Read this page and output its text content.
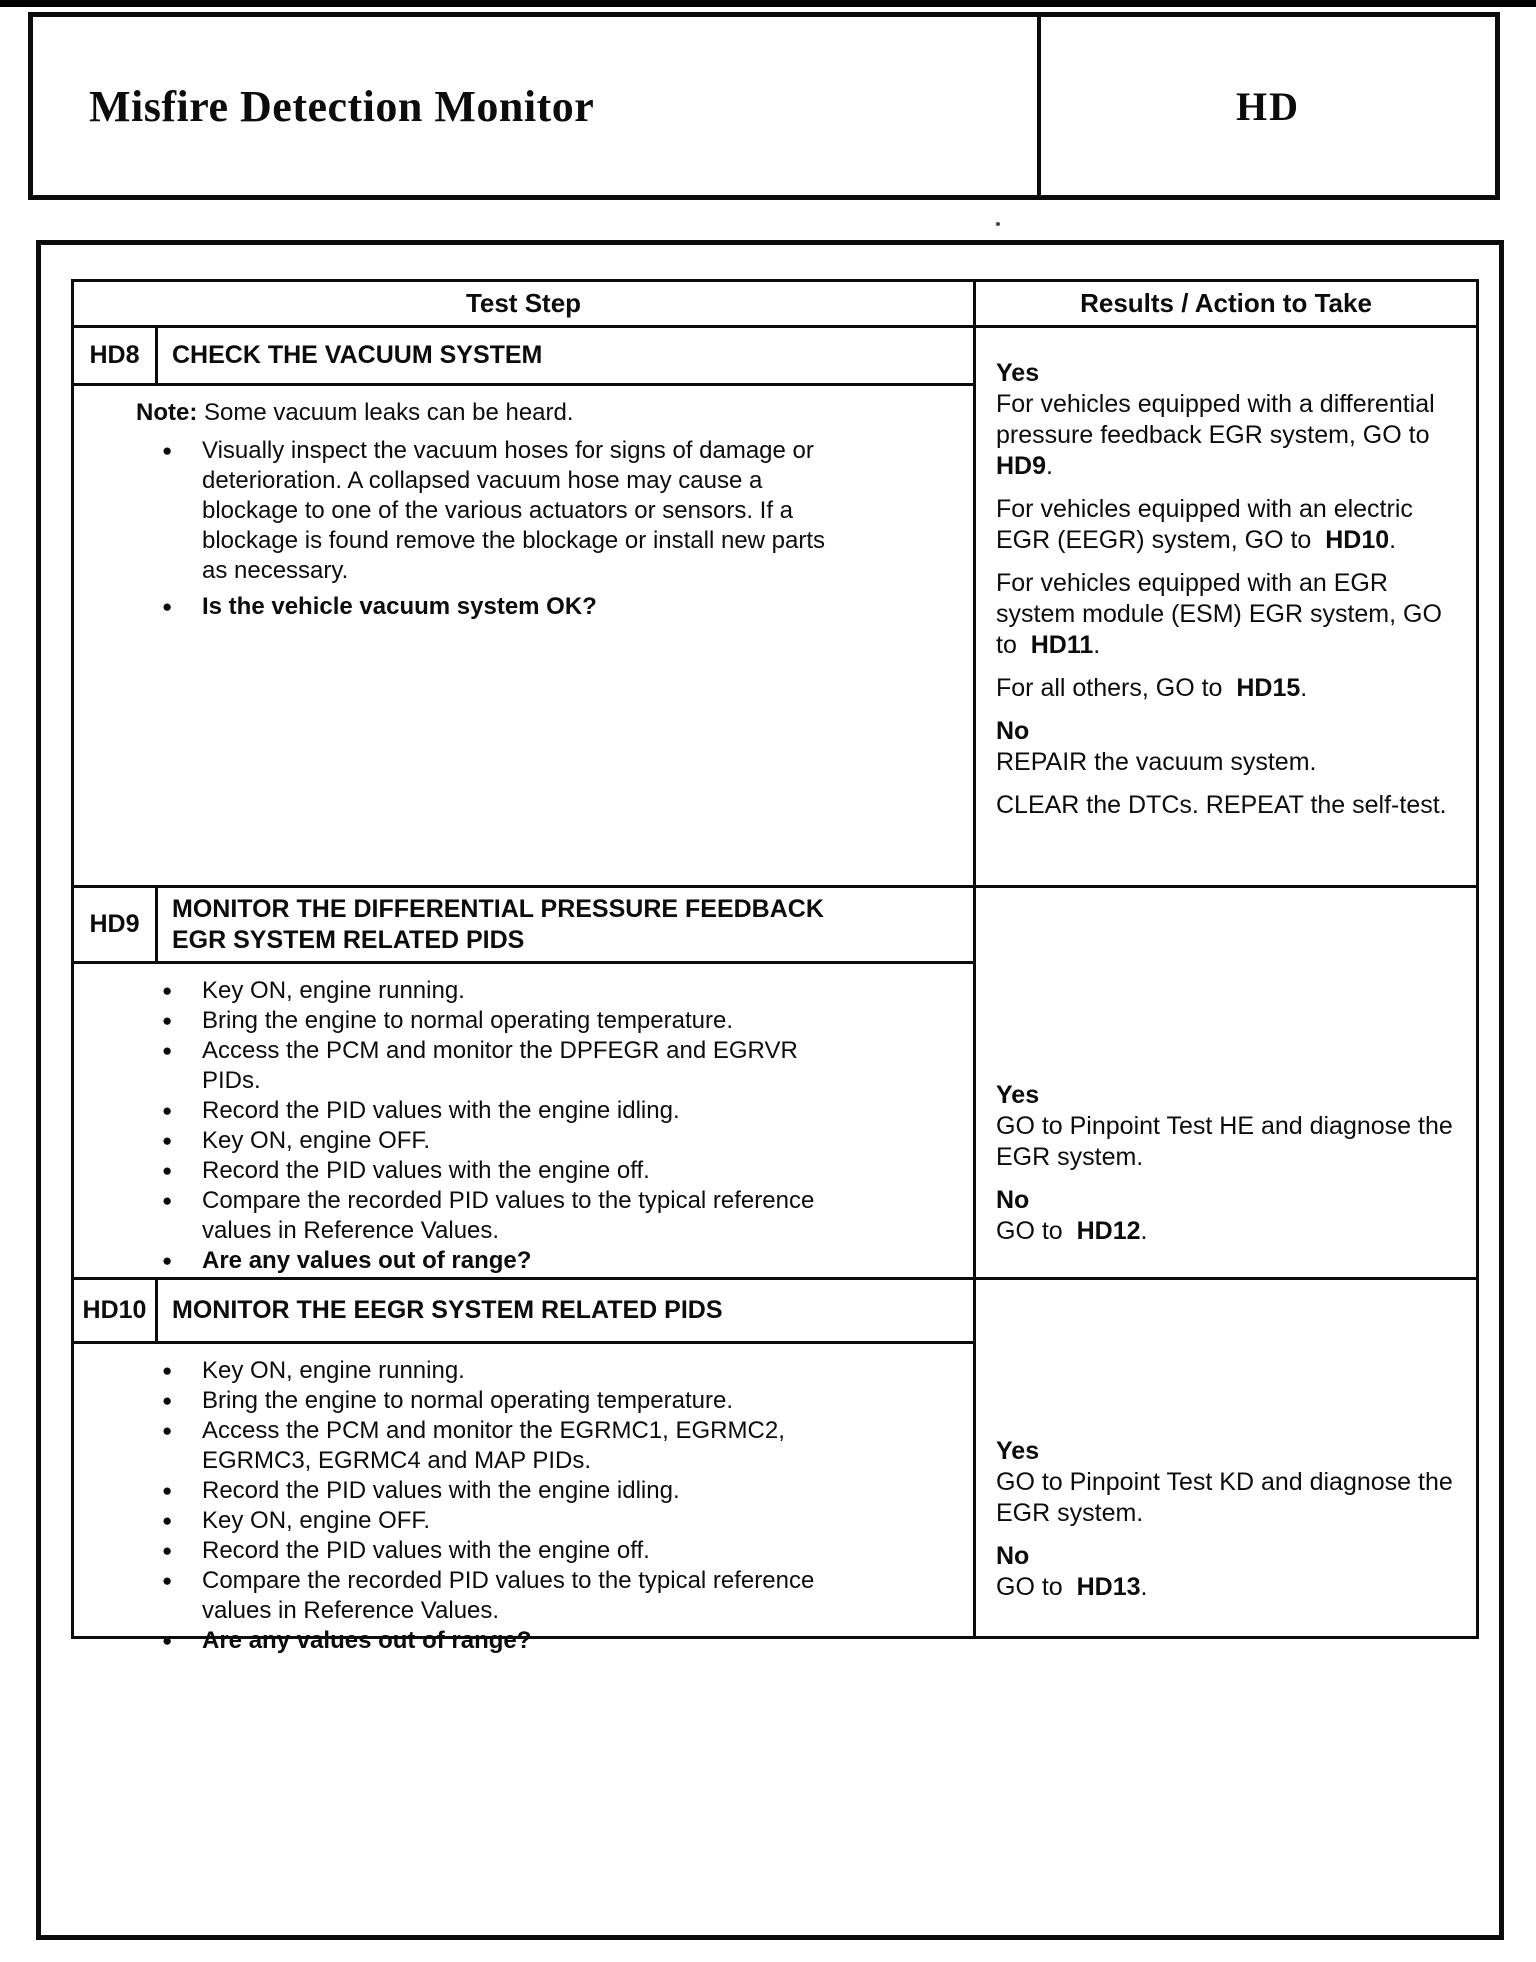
Misfire Detection Monitor	HD
Test Step	Results / Action to Take
HD8	CHECK THE VACUUM SYSTEM
Note: Some vacuum leaks can be heard.
●	Visually inspect the vacuum hoses for signs of damage or deterioration. A collapsed vacuum hose may cause a blockage to one of the various actuators or sensors. If a blockage is found remove the blockage or install new parts as necessary.
●	Is the vehicle vacuum system OK?
Yes
For vehicles equipped with a differential pressure feedback EGR system, GO to  HD9.
For vehicles equipped with an electric EGR (EEGR) system, GO to  HD10.
For vehicles equipped with an EGR system module (ESM) EGR system, GO to  HD11.
For all others, GO to  HD15.
No
REPAIR the vacuum system.
CLEAR the DTCs. REPEAT the self-test.
HD9
MONITOR THE DIFFERENTIAL PRESSURE FEEDBACK EGR SYSTEM RELATED PIDS
●	Key ON, engine running.
●	Bring the engine to normal operating temperature.
●	Access the PCM and monitor the DPFEGR and EGRVR PIDs.
●	Record the PID values with the engine idling.
●	Key ON, engine OFF.
●	Record the PID values with the engine off.
●	Compare the recorded PID values to the typical reference values in Reference Values.
●	Are any values out of range?
Yes
GO to Pinpoint Test HE and diagnose the EGR system.
No
GO to  HD12.
HD10	MONITOR THE EEGR SYSTEM RELATED PIDS
●	Key ON, engine running.
●	Bring the engine to normal operating temperature.
●	Access the PCM and monitor the EGRMC1, EGRMC2, EGRMC3, EGRMC4 and MAP PIDs.
●	Record the PID values with the engine idling.
●	Key ON, engine OFF.
●	Record the PID values with the engine off.
●	Compare the recorded PID values to the typical reference values in Reference Values.
●	Are any values out of range?
Yes
GO to Pinpoint Test KD and diagnose the EGR system.
No
GO to  HD13.
